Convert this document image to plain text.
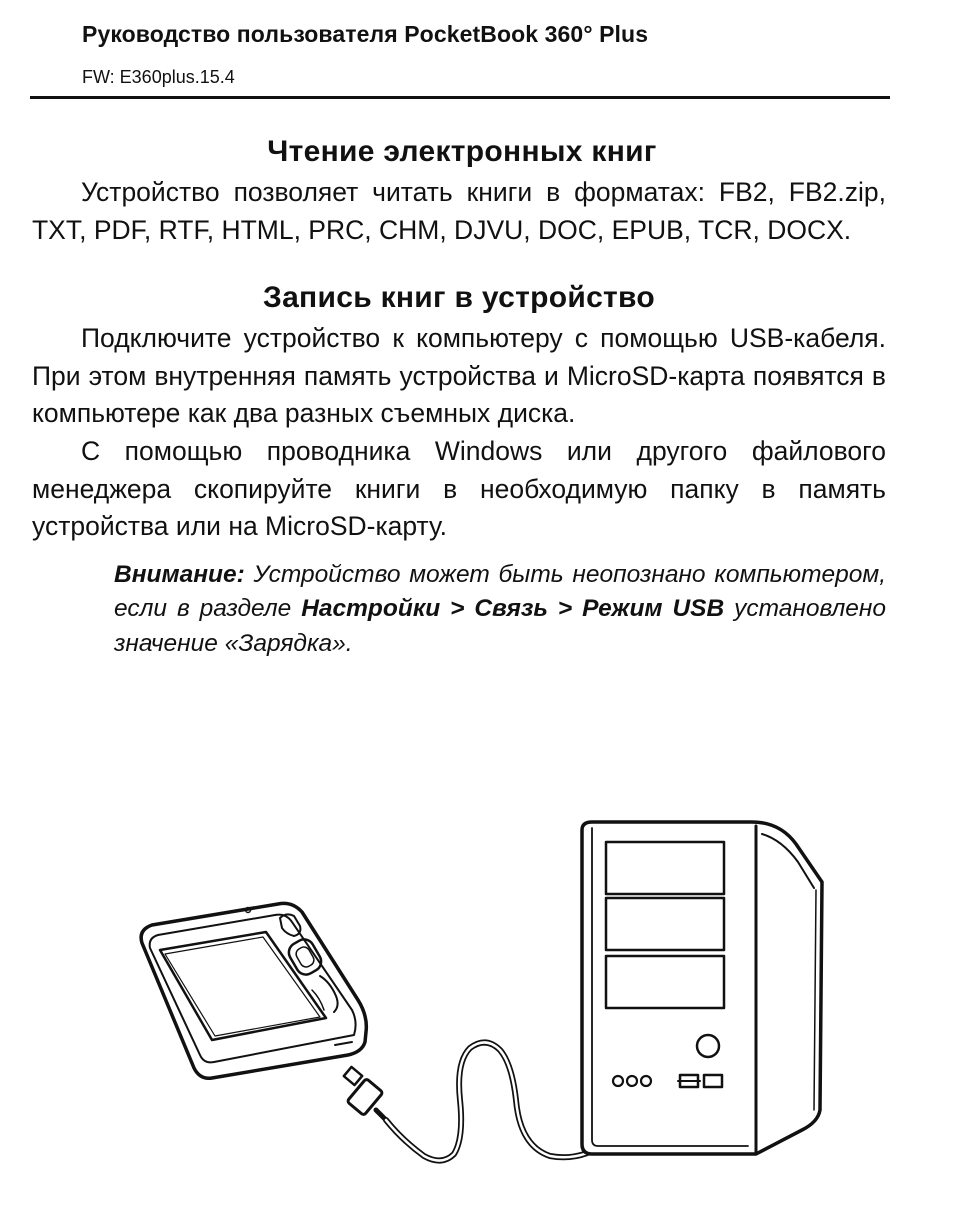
Руководство пользователя PocketBook 360° Plus
FW: E360plus.15.4
Чтение электронных книг

Устройство позволяет читать книги в форматах: FB2, FB2.zip, TXT, PDF, RTF, HTML, PRC, CHM, DJVU, DOC, EPUB, TCR, DOCX.

Запись книг в устройство

Подключите устройство к компьютеру с помощью USB-кабеля. При этом внутренняя память устройства и MicroSD-карта появятся в компьютере как два разных съемных диска.

С помощью проводника Windows или другого файлового менеджера скопируйте книги в необходимую папку в память устройства или на MicroSD-карту.

Внимание: Устройство может быть неопознано компьютером, если в разделе Настройки > Связь > Режим USB установлено значение «Зарядка».
